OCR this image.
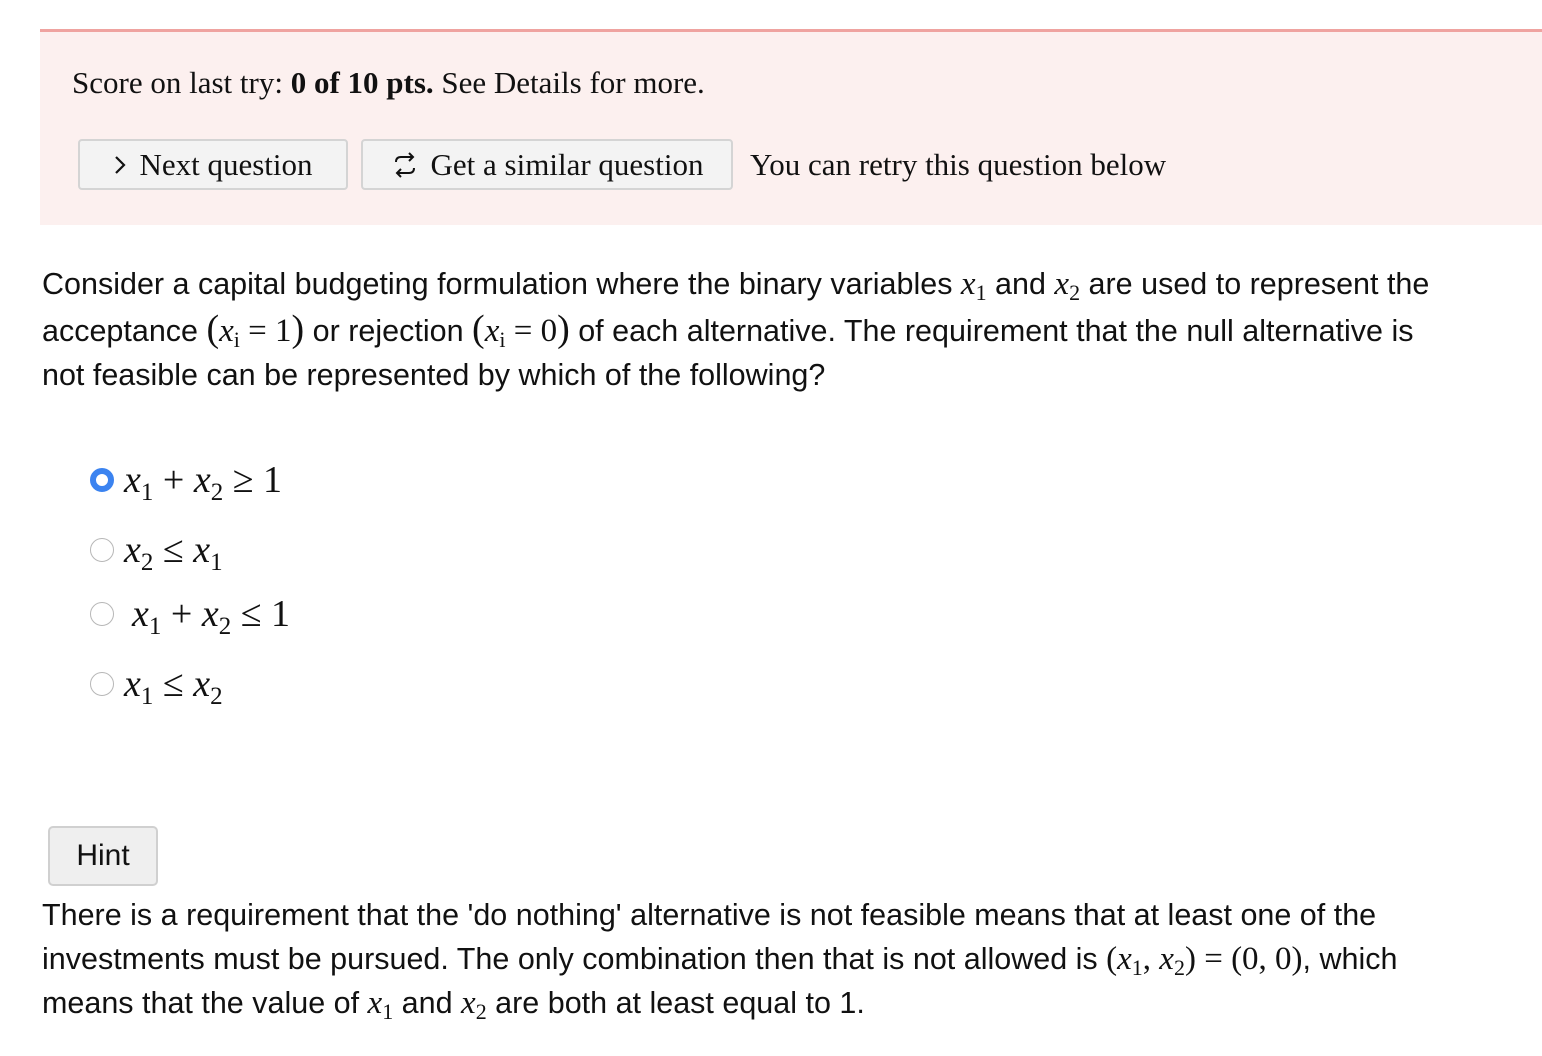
Score on last try: 0 of 10 pts. See Details for more.
Next question	Get a similar question You can retry this question below
Consider a capital budgeting formulation where the binary variables $x_1$ and $x_2$ are used to represent the acceptance $(x_i = 1)$ or rejection $(x_i = 0)$ of each alternative. The requirement that the null alternative is not feasible can be represented by which of the following?
$x_1 + x_2 \ge 1$
$x_2 \le x_1$
$x_1 + x_2 \le 1$
$x_1 \le x_2$
Hint
There is a requirement that the 'do nothing' alternative is not feasible means that at least one of the investments must be pursued. The only combination then that is not allowed is ($x_1$, $x_2) = (0$, 0), which means that the value of $x_1$ and $x_2$ are both at least equal to 1.
